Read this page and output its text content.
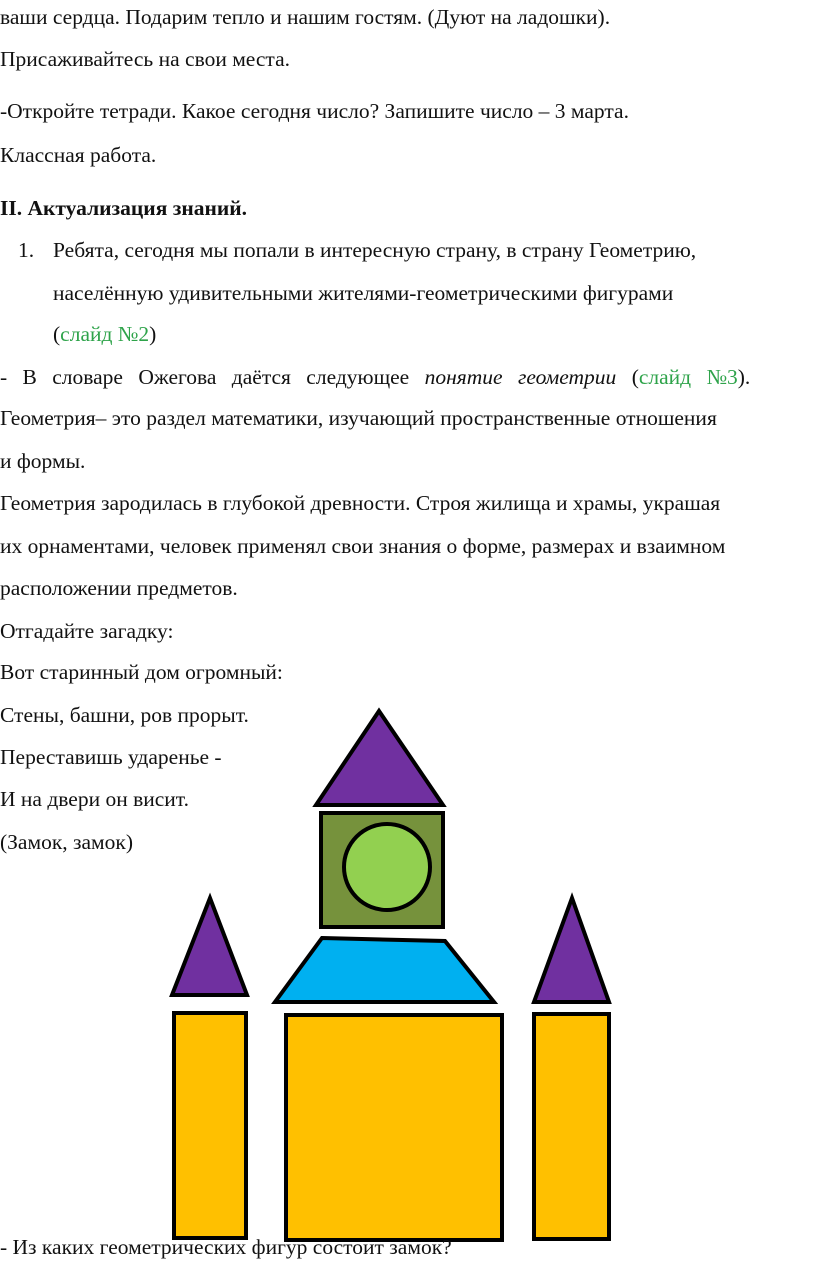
ваши сердца. Подарим тепло и нашим гостям. (Дуют на ладошки).
Присаживайтесь на свои места.
-Откройте тетради. Какое сегодня число? Запишите число – 3 марта.
Классная работа.
II. Актуализация знаний.
1. Ребята, сегодня мы попали в интересную страну, в страну Геометрию,
населённую удивительными жителями-геометрическими фигурами
(слайд №2)
- В словаре Ожегова даётся следующее понятие геометрии (слайд №3).
Геометрия– это раздел математики, изучающий пространственные отношения
и формы.
Геометрия зародилась в глубокой древности. Строя жилища и храмы, украшая
их орнаментами, человек применял свои знания о форме, размерах и взаимном
расположении предметов.
Отгадайте загадку:
Вот старинный дом огромный:
Стены, башни, ров прорыт.
Переставишь ударенье -
И на двери он висит.
(Замок, замок)
- Из каких геометрических фигур состоит замок?
